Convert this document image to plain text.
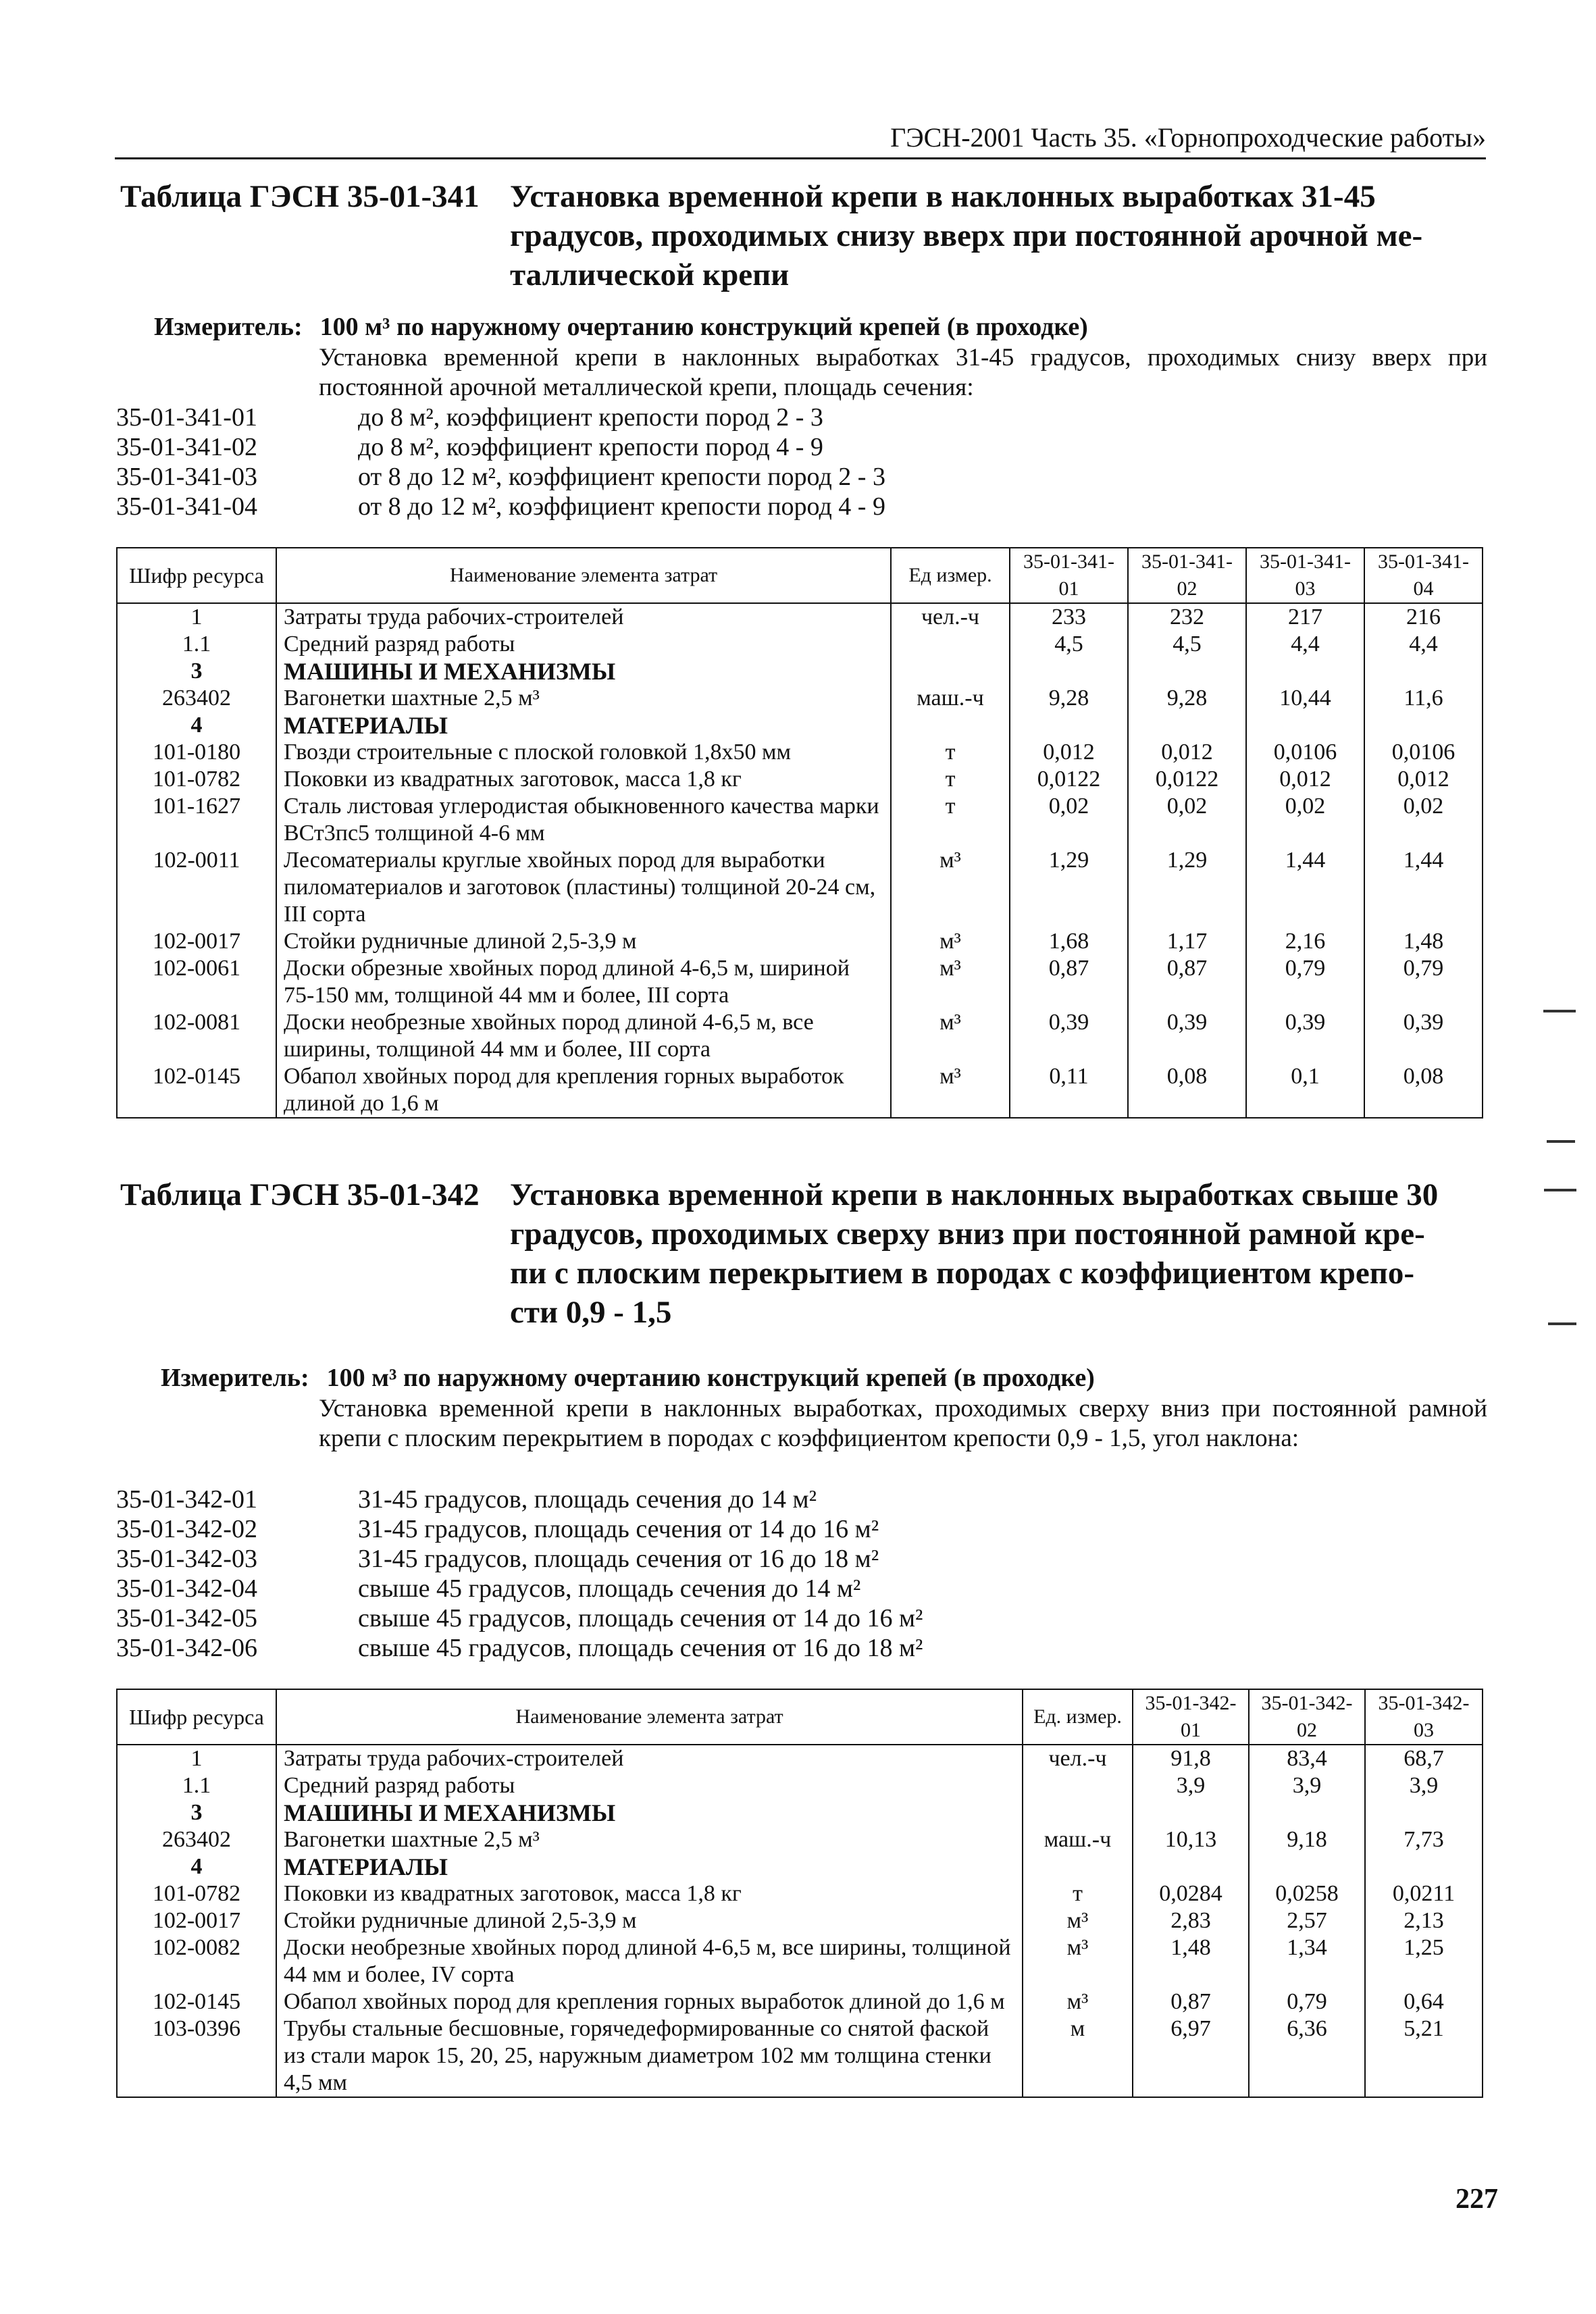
ГЭСН-2001 Часть 35. «Горнопроходческие работы»
Таблица ГЭСН 35-01-341 Установка временной крепи в наклонных выработках 31-45
градусов, проходимых снизу вверх при постоянной арочной ме-
таллической крепи
Измеритель: 100 м³ по наружному очертанию конструкций крепей (в проходке)
Установка временной крепи в наклонных выработках 31-45 градусов, проходимых снизу вверх при постоянной арочной металлической крепи, площадь сечения:
35-01-341-01	до 8 м², коэффициент крепости пород 2 - 3
35-01-341-02	до 8 м², коэффициент крепости пород 4 - 9
35-01-341-03	от 8 до 12 м², коэффициент крепости пород 2 - 3
35-01-341-04	от 8 до 12 м², коэффициент крепости пород 4 - 9
Шифр ресурса	Наименование элемента затрат	Ед измер.	35-01-341-01	35-01-341-02	35-01-341-03	35-01-341-04
1	Затраты труда рабочих-строителей	чел.-ч	233	232	217	216
1.1	Средний разряд работы		4,5	4,5	4,4	4,4
3	МАШИНЫ И МЕХАНИЗМЫ					
263402	Вагонетки шахтные 2,5 м³	маш.-ч	9,28	9,28	10,44	11,6
4	МАТЕРИАЛЫ					
101-0180	Гвозди строительные с плоской головкой 1,8х50 мм	т	0,012	0,012	0,0106	0,0106
101-0782	Поковки из квадратных заготовок, масса 1,8 кг	т	0,0122	0,0122	0,012	0,012
101-1627	Сталь листовая углеродистая обыкновенного качества марки ВСт3пс5 толщиной 4-6 мм	т	0,02	0,02	0,02	0,02
102-0011	Лесоматериалы круглые хвойных пород для выработки пиломатериалов и заготовок (пластины) толщиной 20-24 см, III сорта	м³	1,29	1,29	1,44	1,44
102-0017	Стойки рудничные длиной 2,5-3,9 м	м³	1,68	1,17	2,16	1,48
102-0061	Доски обрезные хвойных пород длиной 4-6,5 м, шириной 75-150 мм, толщиной 44 мм и более, III сорта	м³	0,87	0,87	0,79	0,79
102-0081	Доски необрезные хвойных пород длиной 4-6,5 м, все ширины, толщиной 44 мм и более, III сорта	м³	0,39	0,39	0,39	0,39
102-0145	Обапол хвойных пород для крепления горных выработок длиной до 1,6 м	м³	0,11	0,08	0,1	0,08
Таблица ГЭСН 35-01-342 Установка временной крепи в наклонных выработках свыше 30
градусов, проходимых сверху вниз при постоянной рамной кре-
пи с плоским перекрытием в породах с коэффициентом крепо-
сти 0,9 - 1,5
Измеритель: 100 м³ по наружному очертанию конструкций крепей (в проходке)
Установка временной крепи в наклонных выработках, проходимых сверху вниз при постоянной рамной крепи с плоским перекрытием в породах с коэффициентом крепости 0,9 - 1,5, угол наклона:
35-01-342-01	31-45 градусов, площадь сечения до 14 м²
35-01-342-02	31-45 градусов, площадь сечения от 14 до 16 м²
35-01-342-03	31-45 градусов, площадь сечения от 16 до 18 м²
35-01-342-04	свыше 45 градусов, площадь сечения до 14 м²
35-01-342-05	свыше 45 градусов, площадь сечения от 14 до 16 м²
35-01-342-06	свыше 45 градусов, площадь сечения от 16 до 18 м²
Шифр ресурса	Наименование элемента затрат	Ед. измер.	35-01-342-01	35-01-342-02	35-01-342-03
1	Затраты труда рабочих-строителей	чел.-ч	91,8	83,4	68,7
1.1	Средний разряд работы		3,9	3,9	3,9
3	МАШИНЫ И МЕХАНИЗМЫ				
263402	Вагонетки шахтные 2,5 м³	маш.-ч	10,13	9,18	7,73
4	МАТЕРИАЛЫ				
101-0782	Поковки из квадратных заготовок, масса 1,8 кг	т	0,0284	0,0258	0,0211
102-0017	Стойки рудничные длиной 2,5-3,9 м	м³	2,83	2,57	2,13
102-0082	Доски необрезные хвойных пород длиной 4-6,5 м, все ширины, толщиной 44 мм и более, IV сорта	м³	1,48	1,34	1,25
102-0145	Обапол хвойных пород для крепления горных выработок длиной до 1,6 м	м³	0,87	0,79	0,64
103-0396	Трубы стальные бесшовные, горячедеформированные со снятой фаской из стали марок 15, 20, 25, наружным диаметром 102 мм толщина стенки 4,5 мм	м	6,97	6,36	5,21
227
